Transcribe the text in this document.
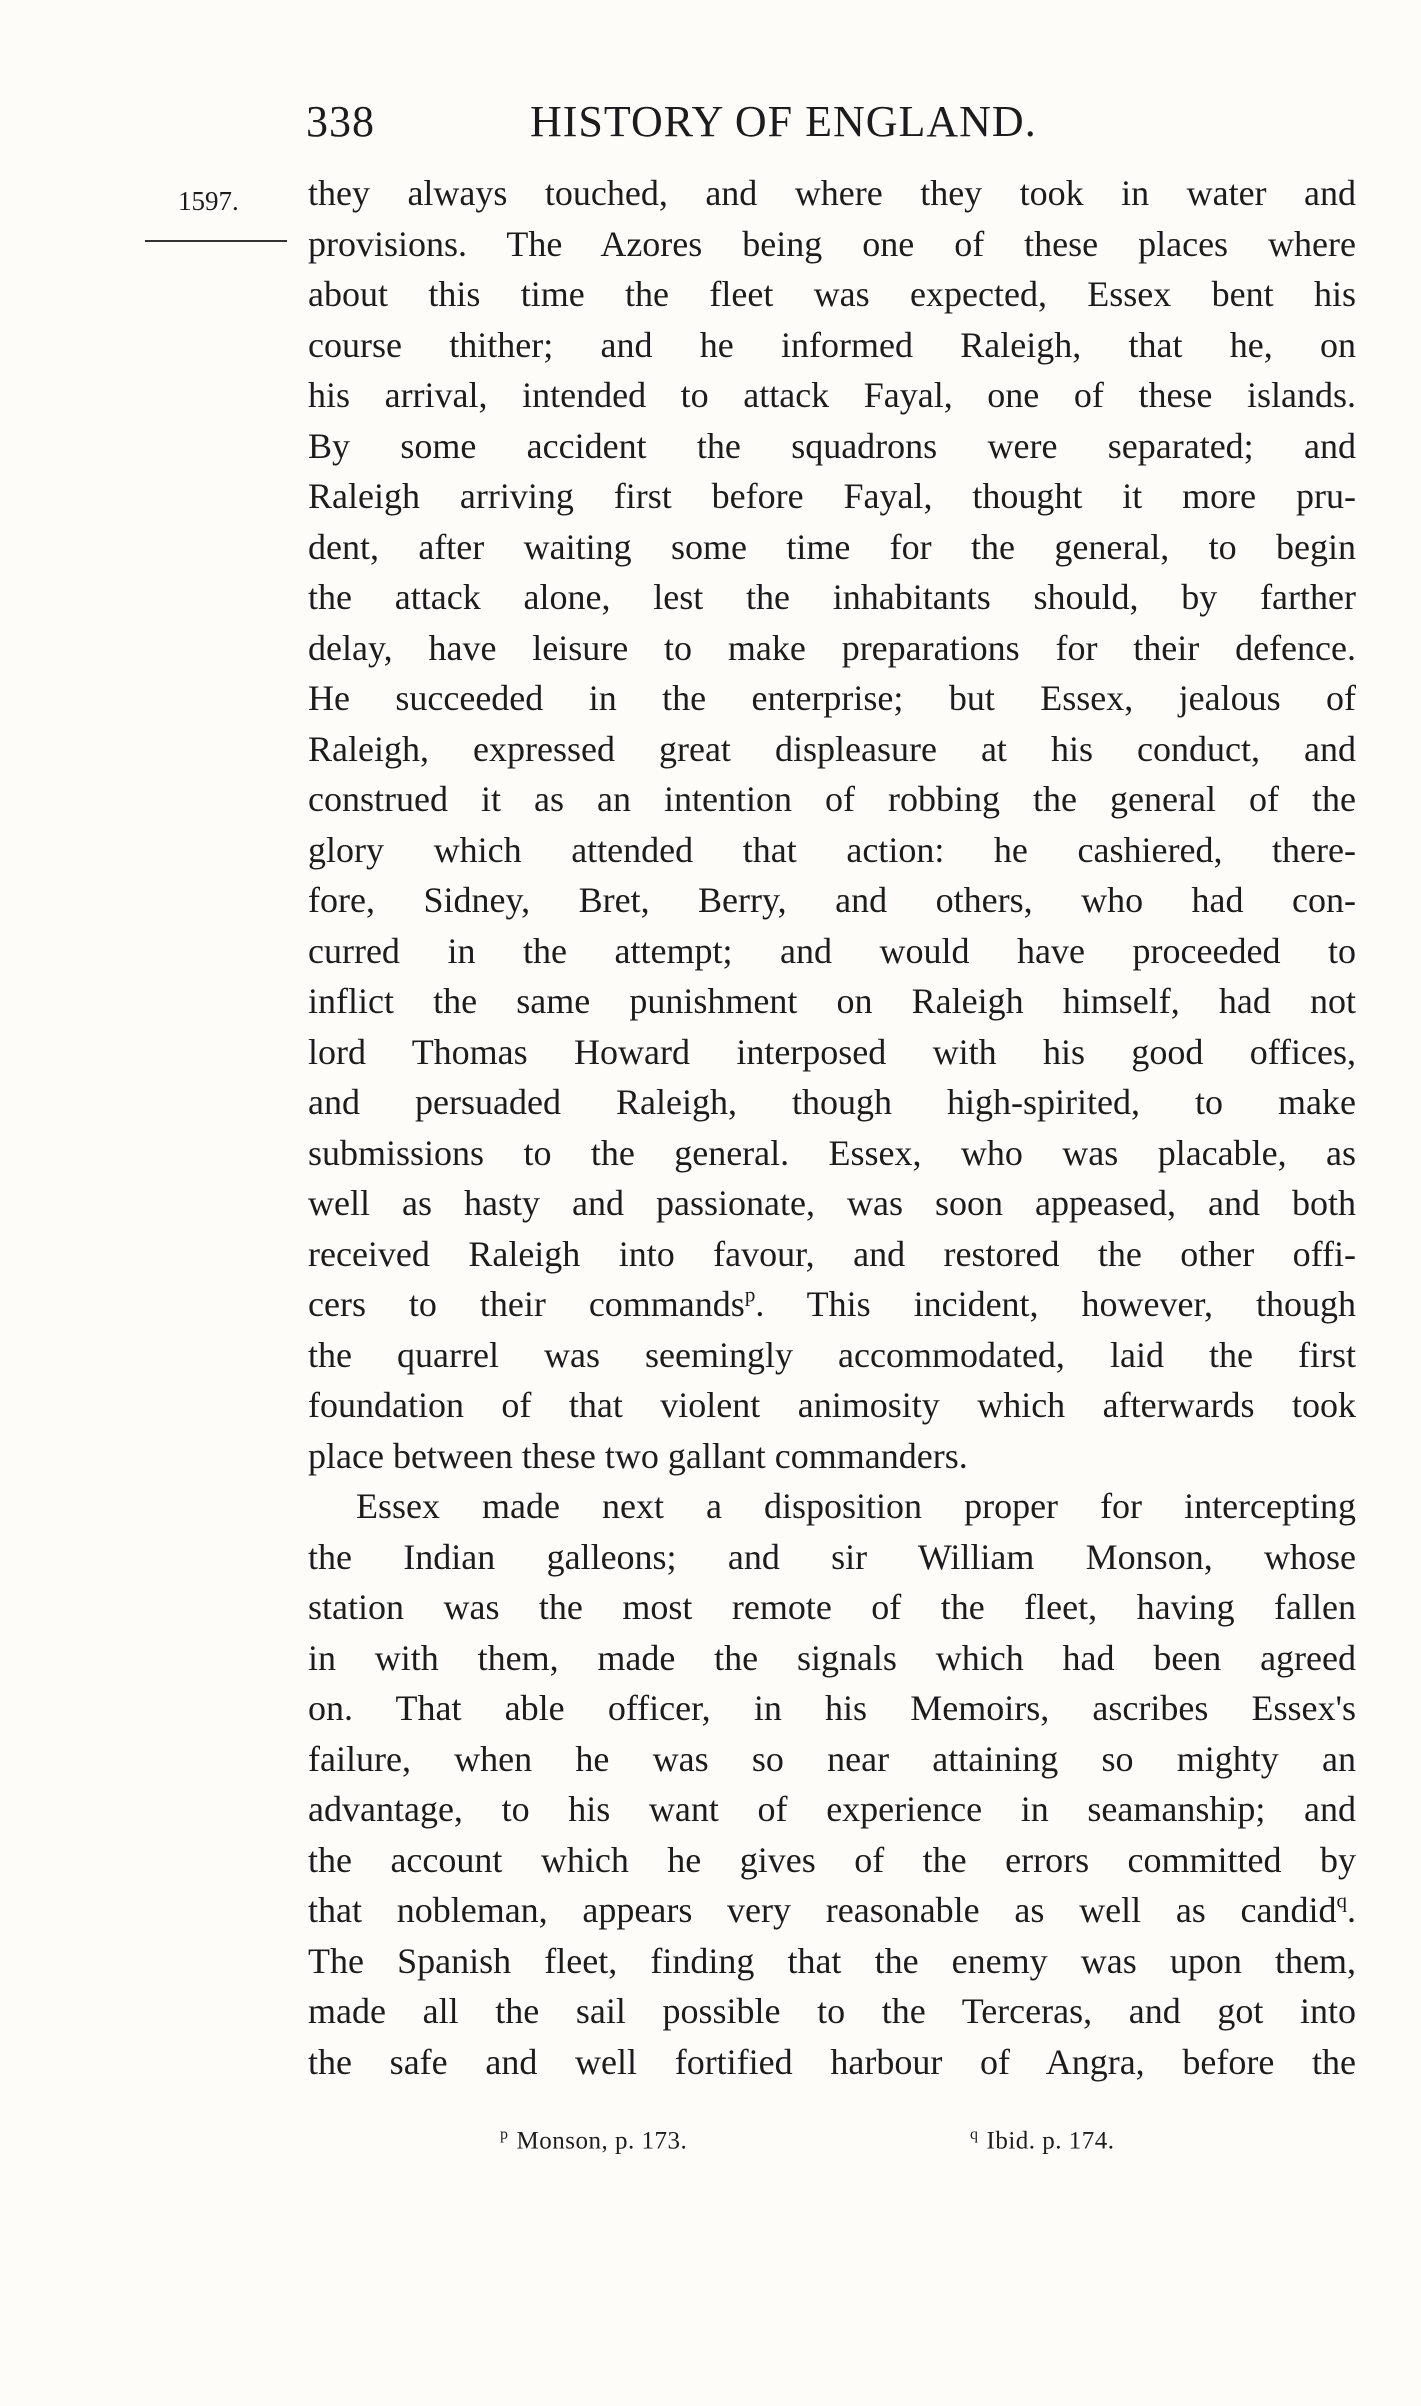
338	HISTORY OF ENGLAND.
1597. they always touched, and where they took in water and
provisions. The Azores being one of these places where
about this time the fleet was expected, Essex bent his
course thither; and he informed Raleigh, that he, on
his arrival, intended to attack Fayal, one of these islands.
By some accident the squadrons were separated; and
Raleigh arriving first before Fayal, thought it more pru-
dent, after waiting some time for the general, to begin
the attack alone, lest the inhabitants should, by farther
delay, have leisure to make preparations for their defence.
He succeeded in the enterprise; but Essex, jealous of
Raleigh, expressed great displeasure at his conduct, and
construed it as an intention of robbing the general of the
glory which attended that action: he cashiered, there-
fore, Sidney, Bret, Berry, and others, who had con-
curred in the attempt; and would have proceeded to
inflict the same punishment on Raleigh himself, had not
lord Thomas Howard interposed with his good offices,
and persuaded Raleigh, though high-spirited, to make
submissions to the general. Essex, who was placable, as
well as hasty and passionate, was soon appeased, and both
received Raleigh into favour, and restored the other offi-
cers to their commands$^p$. This incident, however, though
the quarrel was seemingly accommodated, laid the first
foundation of that violent animosity which afterwards took
place between these two gallant commanders.
Essex made next a disposition proper for intercepting
the Indian galleons; and sir William Monson, whose
station was the most remote of the fleet, having fallen
in with them, made the signals which had been agreed
on. That able officer, in his Memoirs, ascribes Essex's
failure, when he was so near attaining so mighty an
advantage, to his want of experience in seamanship; and
the account which he gives of the errors committed by
that nobleman, appears very reasonable as well as candid$^q$.
The Spanish fleet, finding that the enemy was upon them,
made all the sail possible to the Terceras, and got into
the safe and well fortified harbour of Angra, before the
$^p$ Monson, p. 173.	$^q$ Ibid. p. 174.
